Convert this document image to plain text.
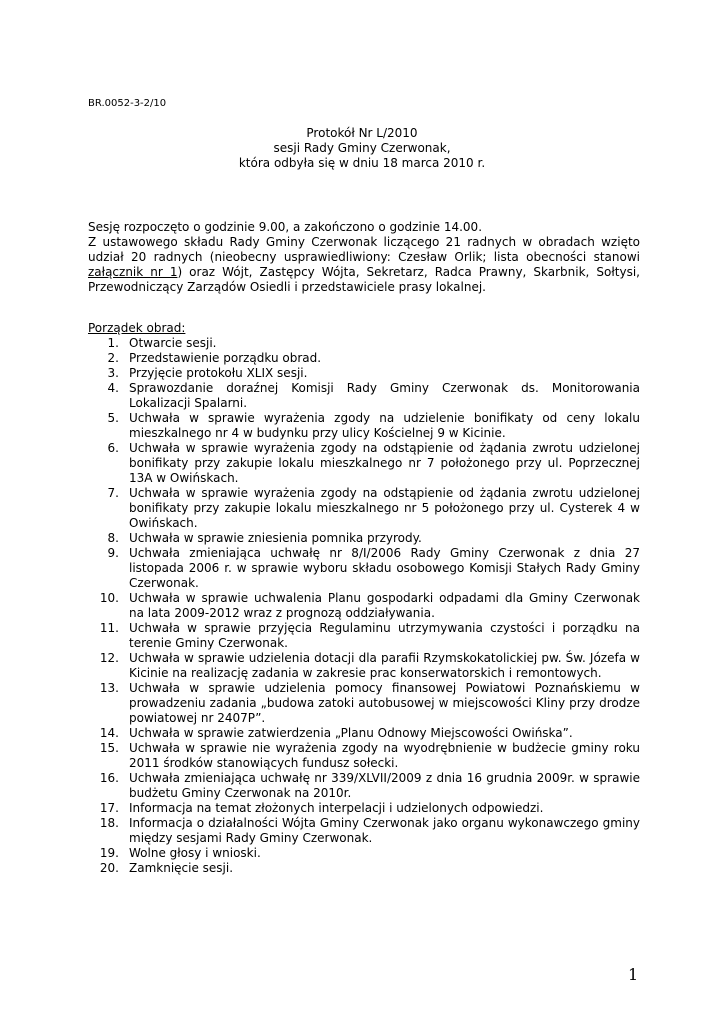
BR.0052-3-2/10
Protokół Nr L/2010
sesji Rady Gminy Czerwonak,
która odbyła się w dniu 18 marca 2010 r.
Sesję rozpoczęto o godzinie 9.00, a zakończono o godzinie 14.00.
Z ustawowego składu Rady Gminy Czerwonak liczącego 21 radnych w obradach wzięto
udział 20 radnych (nieobecny usprawiedliwiony: Czesław Orlik; lista obecności stanowi
załącznik nr 1) oraz Wójt, Zastępcy Wójta, Sekretarz, Radca Prawny, Skarbnik, Sołtysi,
Przewodniczący Zarządów Osiedli i przedstawiciele prasy lokalnej.
Porządek obrad:
1. Otwarcie sesji.
2. Przedstawienie porządku obrad.
3. Przyjęcie protokołu XLIX sesji.
4. Sprawozdanie doraźnej Komisji Rady Gminy Czerwonak ds. Monitorowania Lokalizacji Spalarni.
5. Uchwała w sprawie wyrażenia zgody na udzielenie bonifikaty od ceny lokalu mieszkalnego nr 4 w budynku przy ulicy Kościelnej 9 w Kicinie.
6. Uchwała w sprawie wyrażenia zgody na odstąpienie od żądania zwrotu udzielonej bonifikaty przy zakupie lokalu mieszkalnego nr 7 położonego przy ul. Poprzecznej 13A w Owińskach.
7. Uchwała w sprawie wyrażenia zgody na odstąpienie od żądania zwrotu udzielonej bonifikaty przy zakupie lokalu mieszkalnego nr 5 położonego przy ul. Cysterek 4 w Owińskach.
8. Uchwała w sprawie zniesienia pomnika przyrody.
9. Uchwała zmieniająca uchwałę nr 8/I/2006 Rady Gminy Czerwonak z dnia 27 listopada 2006 r. w sprawie wyboru składu osobowego Komisji Stałych Rady Gminy Czerwonak.
10. Uchwała w sprawie uchwalenia Planu gospodarki odpadami dla Gminy Czerwonak na lata 2009-2012 wraz z prognozą oddziaływania.
11. Uchwała w sprawie przyjęcia Regulaminu utrzymywania czystości i porządku na terenie Gminy Czerwonak.
12. Uchwała w sprawie udzielenia dotacji dla parafii Rzymskokatolickiej pw. Św. Józefa w Kicinie na realizację zadania w zakresie prac konserwatorskich i remontowych.
13. Uchwała w sprawie udzielenia pomocy finansowej Powiatowi Poznańskiemu w prowadzeniu zadania „budowa zatoki autobusowej w miejscowości Kliny przy drodze powiatowej nr 2407P”.
14. Uchwała w sprawie zatwierdzenia „Planu Odnowy Miejscowości Owińska”.
15. Uchwała w sprawie nie wyrażenia zgody na wyodrębnienie w budżecie gminy roku 2011 środków stanowiących fundusz sołecki.
16. Uchwała zmieniająca uchwałę nr 339/XLVII/2009 z dnia 16 grudnia 2009r. w sprawie budżetu Gminy Czerwonak na 2010r.
17. Informacja na temat złożonych interpelacji i udzielonych odpowiedzi.
18. Informacja o działalności Wójta Gminy Czerwonak jako organu wykonawczego gminy między sesjami Rady Gminy Czerwonak.
19. Wolne głosy i wnioski.
20. Zamknięcie sesji.
1
